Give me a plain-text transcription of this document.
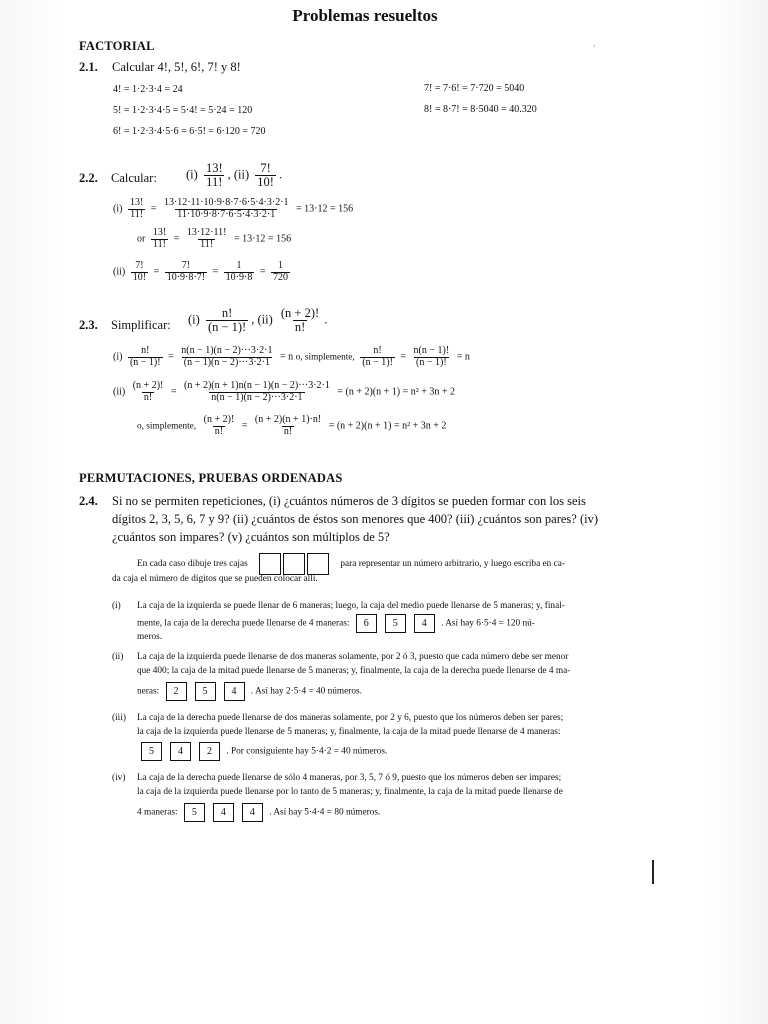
Problemas resueltos
FACTORIAL
2.1. Calcular 4!, 5!, 6!, 7! y 8!
4! = 1·2·3·4 = 24
5! = 1·2·3·4·5 = 5·4! = 5·24 = 120
6! = 1·2·3·4·5·6 = 6·5! = 6·120 = 720
7! = 7·6! = 7·720 = 5040
8! = 8·7! = 8·5040 = 40.320
2.2. Calcular: $(i) \frac{13!}{11!}$ , $(ii) \frac{7!}{10!}$ .
$(i) \frac{13!}{11!} = \frac{13\cdot 12\cdot 11\cdot 10\cdot 9\cdot 8\cdot 7\cdot 6\cdot 5\cdot 4\cdot 3\cdot 2\cdot 1}{11\cdot 10\cdot 9\cdot 8\cdot 7\cdot 6\cdot 5\cdot 4\cdot 3\cdot 2\cdot 1} = 13\cdot 12 = 156$
or $\frac{13!}{11!} = \frac{13\cdot 12\cdot 11!}{11!} = 13\cdot 12 = 156$
$(ii) \frac{7!}{10!} = \frac{7!}{10\cdot 9\cdot 8\cdot 7!} = \frac{1}{10\cdot 9\cdot 8} = \frac{1}{720}$
2.3. Simplificar: $(i) \frac{n!}{(n - 1)!}$ , $(ii) \frac{(n + 2)!}{n!}$ .
$(i) \frac{n!}{(n - 1)!} = \frac{n(n - 1)(n - 2)\cdot\cdot\cdot 3\cdot 2\cdot 1}{(n - 1)(n - 2)\cdot\cdot\cdot 3\cdot 2\cdot 1} = n$ o, simplemente, $\frac{n!}{(n - 1)!} = \frac{n(n - 1)!}{(n - 1)!} = n$
$(ii) \frac{(n + 2)!}{n!} = \frac{(n + 2)(n + 1)n(n - 1)(n - 2)\cdot\cdot\cdot 3\cdot 2\cdot 1}{n(n - 1)(n - 2)\cdot\cdot\cdot 3\cdot 2\cdot 1} = (n + 2)(n + 1) = n^2 + 3n + 2$
o, simplemente, $\frac{(n + 2)!}{n!} = \frac{(n + 2)(n + 1)\cdot n!}{n!} = (n + 2)(n + 1) = n^2 + 3n + 2$
PERMUTACIONES, PRUEBAS ORDENADAS
2.4. Si no se permiten repeticiones, (i) ¿cuántos números de 3 dígitos se pueden formar con los seis
dígitos 2, 3, 5, 6, 7 y 9? (ii) ¿cuántos de éstos son menores que 400? (iii) ¿cuántos son pares? (iv)
¿cuántos son impares? (v) ¿cuántos son múltiplos de 5?
En cada caso dibuje tres cajas	para representar un número arbitrario, y luego escriba en ca-
da caja el número de dígitos que se pueden colocar allí.
(i) La caja de la izquierda se puede llenar de 6 maneras; luego, la caja del medio puede llenarse de 5 maneras; y, final-
mente, la caja de la derecha puede llenarse de 4 maneras: 6 5 4 . Así hay 6·5·4 = 120 nú-
meros.
(ii) La caja de la izquierda puede llenarse de dos maneras solamente, por 2 ó 3, puesto que cada número debe ser menor
que 400; la caja de la mitad puede llenarse de 5 maneras; y, finalmente, la caja de la derecha puede llenarse de 4 ma-
neras: 2 5 4 . Así hay 2·5·4 = 40 números.
(iii) La caja de la derecha puede llenarse de dos maneras solamente, por 2 y 6, puesto que los números deben ser pares;
la caja de la izquierda puede llenarse de 5 maneras; y, finalmente, la caja de la mitad puede llenarse de 4 maneras:
5 4 2 . Por consiguiente hay 5·4·2 = 40 números.
(iv) La caja de la derecha puede llenarse de sólo 4 maneras, por 3, 5, 7 ó 9, puesto que los números deben ser impares;
la caja de la izquierda puede llenarse por lo tanto de 5 maneras; y, finalmente, la caja de la mitad puede llenarse de
4 maneras: 5 4 4 . Así hay 5·4·4 = 80 números.
·
